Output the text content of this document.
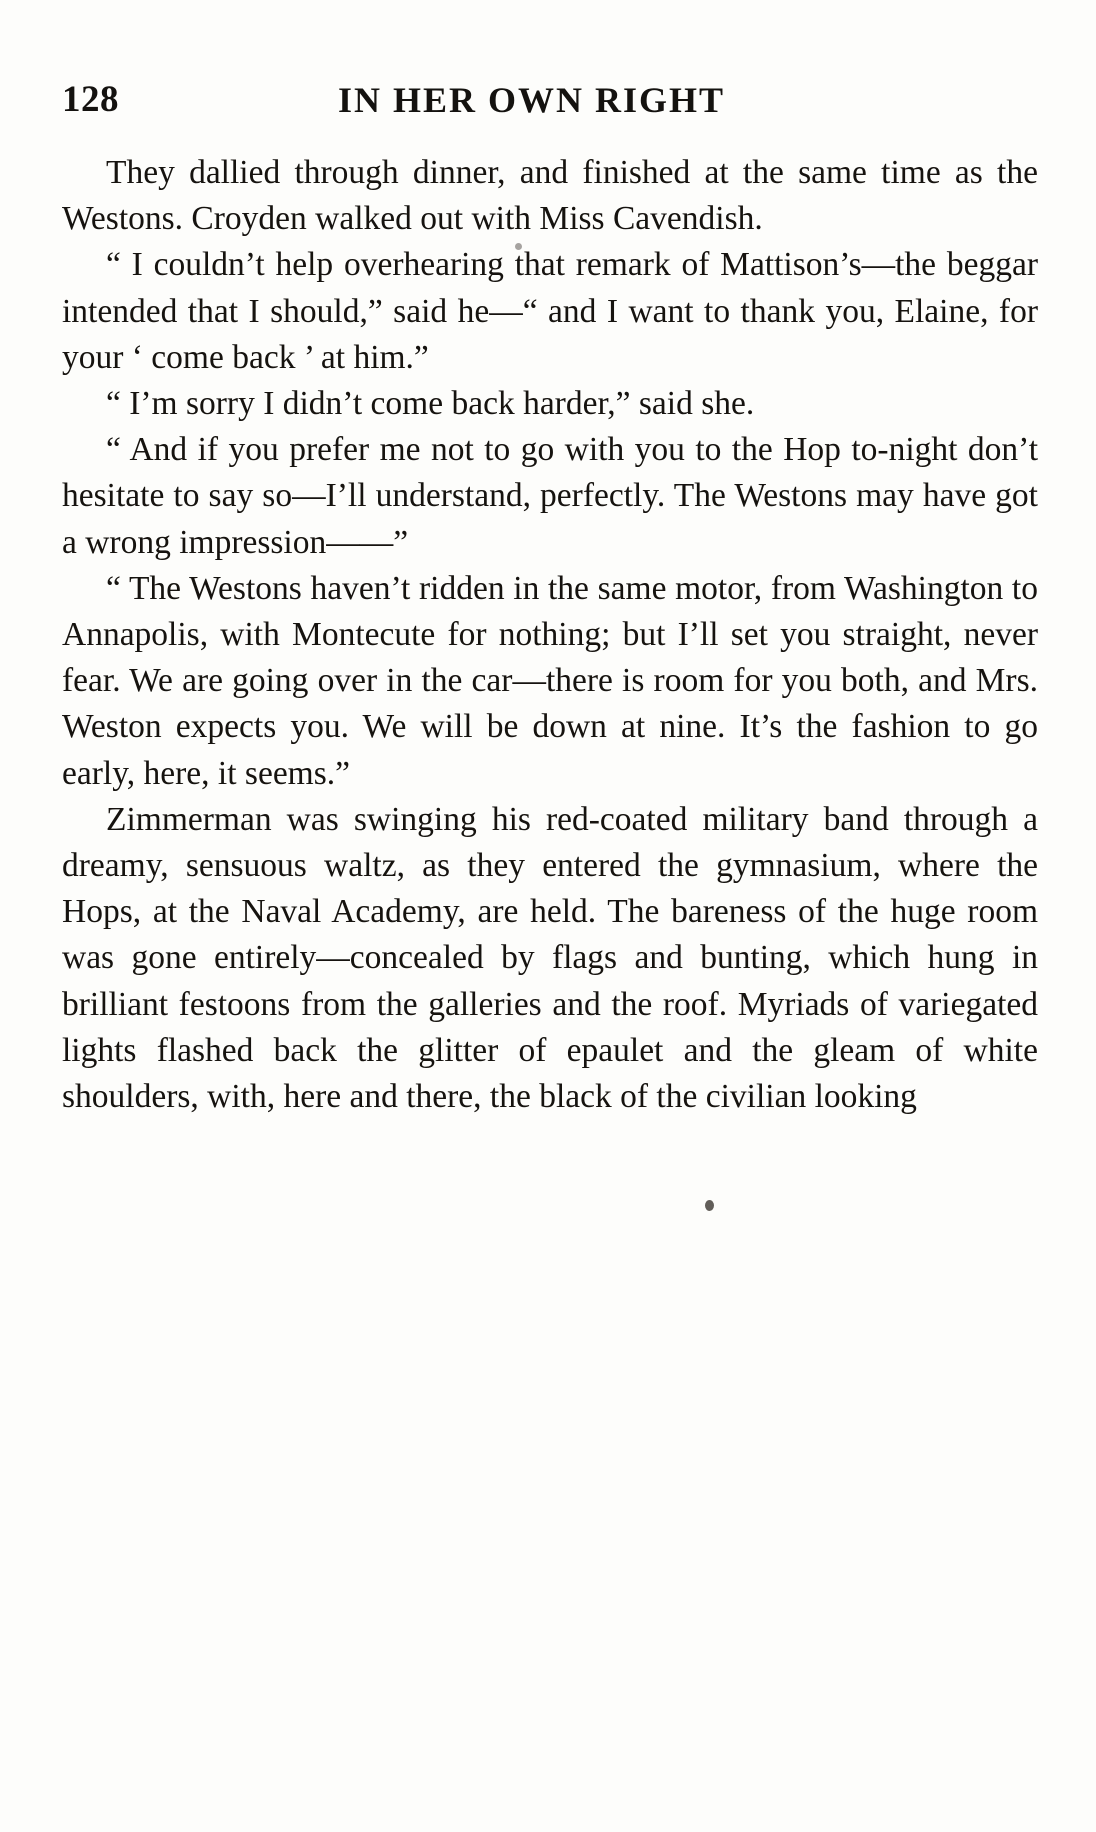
128	IN HER OWN RIGHT

They dallied through dinner, and finished at the same time as the Westons. Croyden walked out with Miss Cavendish.

“ I couldn’t help overhearing that remark of Mattison’s—the beggar intended that I should,” said he—“ and I want to thank you, Elaine, for your ‘ come back ’ at him.”

“ I’m sorry I didn’t come back harder,” said she.

“ And if you prefer me not to go with you to the Hop to-night don’t hesitate to say so—I’ll understand, perfectly. The Westons may have got a wrong impression——”

“ The Westons haven’t ridden in the same motor, from Washington to Annapolis, with Montecute for nothing; but I’ll set you straight, never fear. We are going over in the car—there is room for you both, and Mrs. Weston expects you. We will be down at nine. It’s the fashion to go early, here, it seems.”

Zimmerman was swinging his red-coated military band through a dreamy, sensuous waltz, as they entered the gymnasium, where the Hops, at the Naval Academy, are held. The bareness of the huge room was gone entirely—concealed by flags and bunting, which hung in brilliant festoons from the galleries and the roof. Myriads of variegated lights flashed back the glitter of epaulet and the gleam of white shoulders, with, here and there, the black of the civilian looking
